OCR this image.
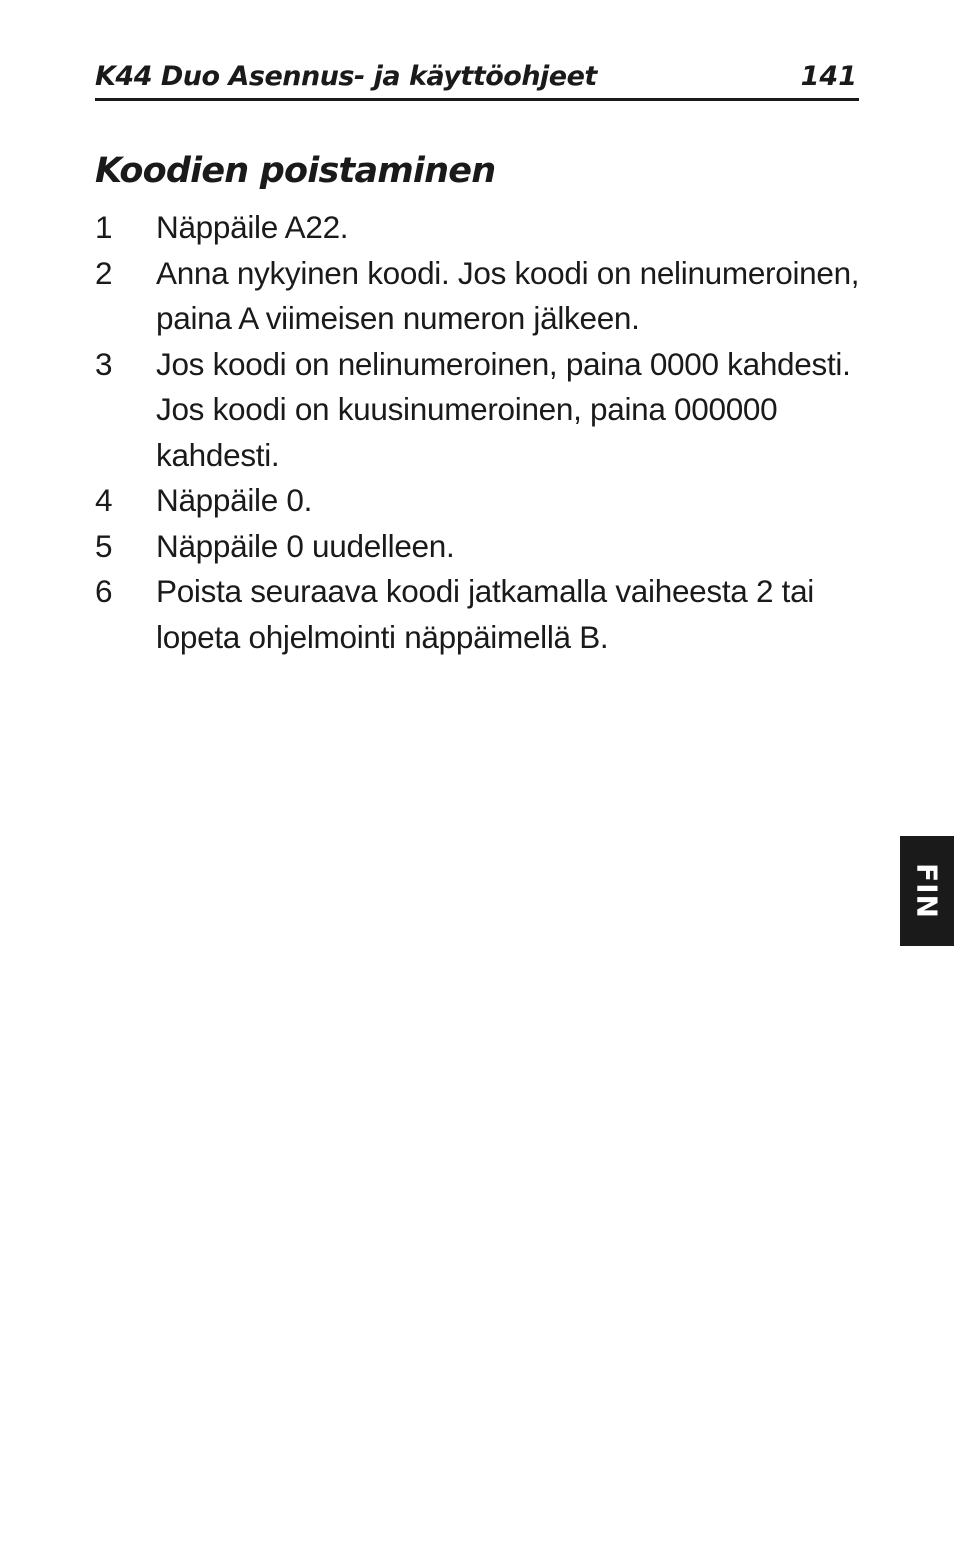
K44 Duo Asennus- ja käyttöohjeet	141
Koodien poistaminen
1	Näppäile A22.
2	Anna nykyinen koodi. Jos koodi on nelinumeroinen, paina A viimeisen numeron jälkeen.
3	Jos koodi on nelinumeroinen, paina 0000 kahdesti. Jos koodi on kuusinumeroinen, paina 000000 kahdesti.
4	Näppäile 0.
5	Näppäile 0 uudelleen.
6	Poista seuraava koodi jatkamalla vaiheesta 2 tai lopeta ohjelmointi näppäimellä B.
FIN
